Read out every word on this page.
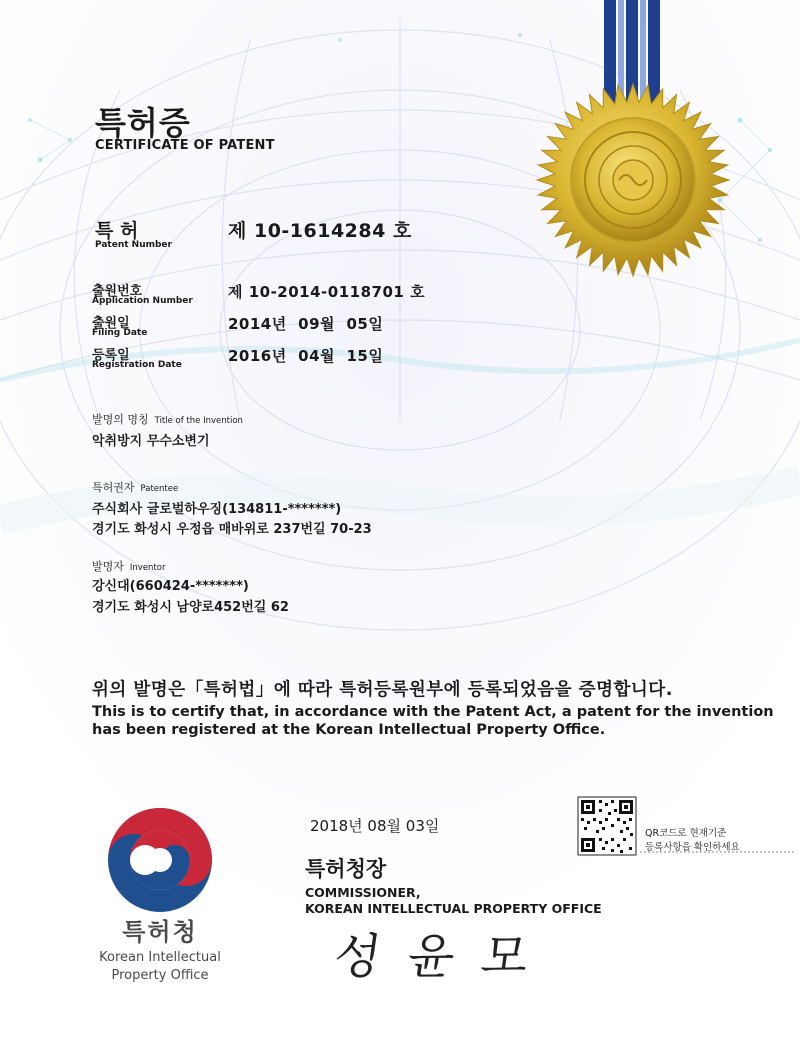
특허증
CERTIFICATE OF PATENT
특 허
Patent Number
제 10-1614284 호
출원번호
Application Number 제 10-2014-0118701 호
출원일
Filing Date	2014년  09월  05일
등록일
Registration Date	2016년  04월  15일
발명의 명칭 Title of the Invention
악취방지 무수소변기
특허권자 Patentee
주식회사 글로벌하우징(134811-*******)
경기도 화성시 우정읍 매바위로 237번길 70-23
발명자 Inventor
강신대(660424-*******)
경기도 화성시 남양로452번길 62
위의 발명은「특허법」에 따라 특허등록원부에 등록되었음을 증명합니다.
This is to certify that, in accordance with the Patent Act, a patent for the invention
has been registered at the Korean Intellectual Property Office.
2018년 08월 03일	QR코드로 현재기준
등록사항을 확인하세요
특허청장
COMMISSIONER,
KOREAN INTELLECTUAL PROPERTY OFFICE
성 윤 모
특허청
Korean Intellectual
Property Office
